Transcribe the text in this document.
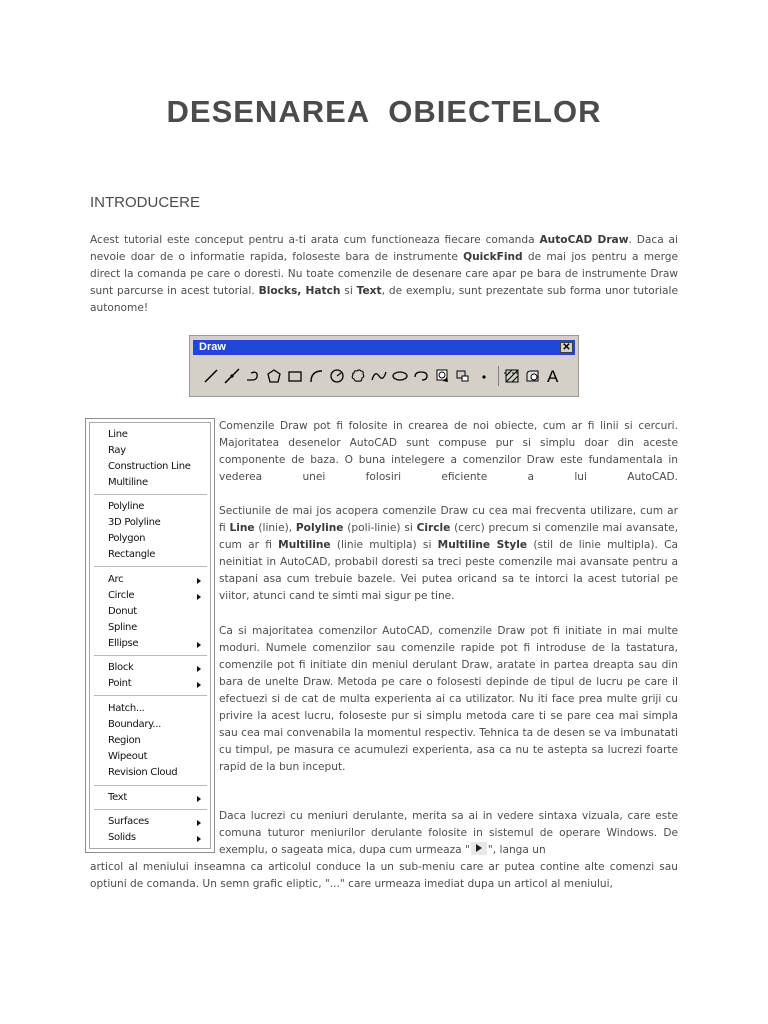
DESENAREA  OBIECTELOR
INTRODUCERE

Acest tutorial este conceput pentru a-ti arata cum functioneaza fiecare comanda AutoCAD Draw. Daca ai nevoie doar de o informatie rapida, foloseste bara de instrumente QuickFind de mai jos pentru a merge direct la comanda pe care o doresti. Nu toate comenzile de desenare care apar pe bara de instrumente Draw sunt parcurse in acest tutorial. Blocks, Hatch si Text, de exemplu, sunt prezentate sub forma unor tutoriale autonome!

Draw	✕
A
Line
Ray
Construction Line
Multiline
Polyline
3D Polyline
Polygon
Rectangle
Arc
Circle
Donut
Spline
Ellipse
Block
Point
Hatch...
Boundary...
Region
Wipeout
Revision Cloud
Text
Surfaces
Solids

Comenzile Draw pot fi folosite in crearea de noi obiecte, cum ar fi linii si cercuri. Majoritatea desenelor AutoCAD sunt compuse pur si simplu doar din aceste componente de baza. O buna intelegere a comenzilor Draw este fundamentala in vederea unei folosiri eficiente a lui AutoCAD.

Sectiunile de mai jos acopera comenzile Draw cu cea mai frecventa utilizare, cum ar fi Line (linie), Polyline (poli-linie) si Circle (cerc) precum si comenzile mai avansate, cum ar fi Multiline (linie multipla) si Multiline Style (stil de linie multipla). Ca neinitiat in AutoCAD, probabil doresti sa treci peste comenzile mai avansate pentru a stapani asa cum trebuie bazele. Vei putea oricand sa te intorci la acest tutorial pe viitor, atunci cand te simti mai sigur pe tine.

Ca si majoritatea comenzilor AutoCAD, comenzile Draw pot fi initiate in mai multe moduri. Numele comenzilor sau comenzile rapide pot fi introduse de la tastatura, comenzile pot fi initiate din meniul derulant Draw, aratate in partea dreapta sau din bara de unelte Draw. Metoda pe care o folosesti depinde de tipul de lucru pe care il efectuezi si de cat de multa experienta ai ca utilizator. Nu iti face prea multe griji cu privire la acest lucru, foloseste pur si simplu metoda care ti se pare cea mai simpla sau cea mai convenabila la momentul respectiv. Tehnica ta de desen se va imbunatati cu timpul, pe masura ce acumulezi experienta, asa ca nu te astepta sa lucrezi foarte rapid de la bun inceput.

Daca lucrezi cu meniuri derulante, merita sa ai in vedere sintaxa vizuala, care este comuna tuturor meniurilor derulante folosite in sistemul de operare Windows. De exemplu, o sageata mica, dupa cum urmeaza " ", langa un

articol al meniului inseamna ca articolul conduce la un sub-meniu care ar putea contine alte comenzi sau optiuni de comanda. Un semn grafic eliptic, "..." care urmeaza imediat dupa un articol al meniului,
